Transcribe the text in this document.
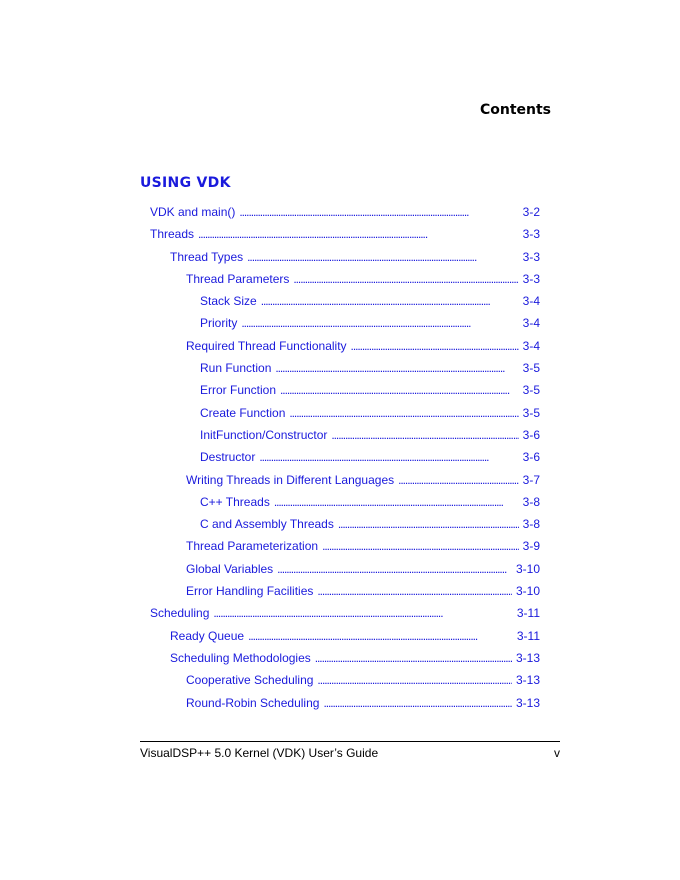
Contents
USING VDK
VDK and main() . . .	3-2
Threads . . .	3-3
Thread Types . . .	3-3
Thread Parameters . . .	3-3
Stack Size . . .	3-4
Priority . . .	3-4
Required Thread Functionality . . .	3-4
Run Function . . .	3-5
Error Function . . .	3-5
Create Function . . .	3-5
InitFunction/Constructor . . .	3-6
Destructor . . .	3-6
Writing Threads in Different Languages . . .	3-7
C++ Threads . . .	3-8
C and Assembly Threads . . .	3-8
Thread Parameterization . . .	3-9
Global Variables . . .	3-10
Error Handling Facilities . . .	3-10
Scheduling . . .	3-11
Ready Queue . . .	3-11
Scheduling Methodologies . . .	3-13
Cooperative Scheduling . . .	3-13
Round-Robin Scheduling . . .	3-13
VisualDSP++ 5.0 Kernel (VDK) User’s Guide	v
